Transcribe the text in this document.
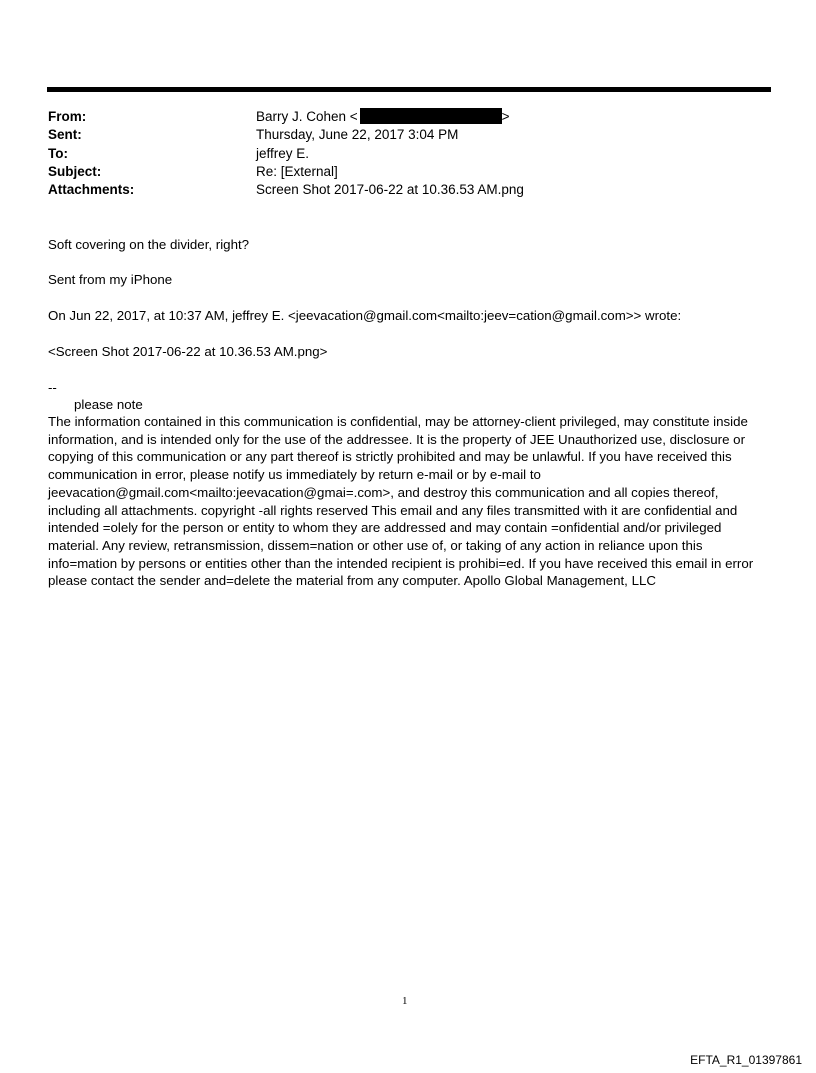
From:	Barry J. Cohen <	>
Sent:	Thursday, June 22, 2017 3:04 PM
To:	jeffrey E.
Subject:	Re: [External]
Attachments:	Screen Shot 2017-06-22 at 10.36.53 AM.png
Soft covering on the divider, right?
Sent from my iPhone
On Jun 22, 2017, at 10:37 AM, jeffrey E. <jeevacation@gmail.com<mailto:jeev=cation@gmail.com>> wrote:
<Screen Shot 2017-06-22 at 10.36.53 AM.png>
--
please note
The information contained in this communication is confidential, may be attorney-client privileged, may constitute inside information, and is intended only for the use of the addressee. It is the property of JEE Unauthorized use, disclosure or copying of this communication or any part thereof is strictly prohibited and may be unlawful. If you have received this communication in error, please notify us immediately by return e-mail or by e-mail to jeevacation@gmail.com<mailto:jeevacation@gmai=.com>, and destroy this communication and all copies thereof, including all attachments. copyright -all rights reserved This email and any files transmitted with it are confidential and intended =olely for the person or entity to whom they are addressed and may contain =onfidential and/or privileged material. Any review, retransmission, dissem=nation or other use of, or taking of any action in reliance upon this info=mation by persons or entities other than the intended recipient is prohibi=ed. If you have received this email in error please contact the sender and=delete the material from any computer. Apollo Global Management, LLC
1
EFTA_R1_01397861
